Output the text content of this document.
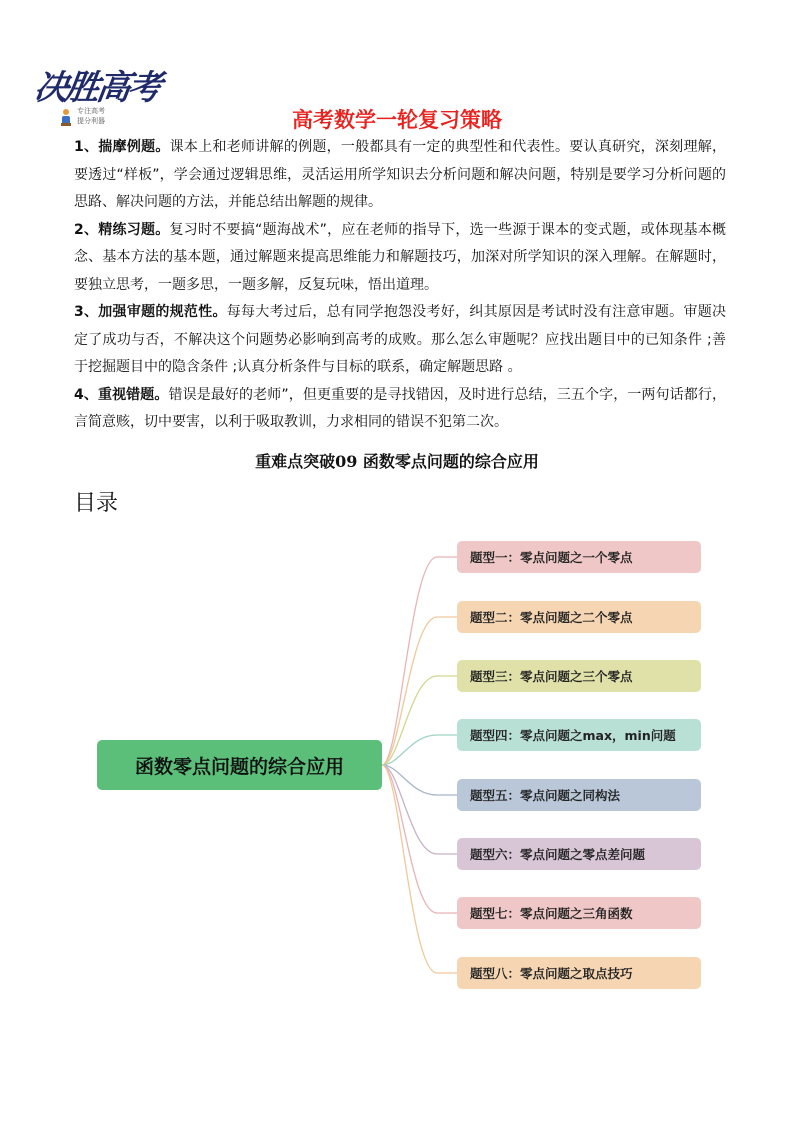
决胜高考
专注高考
提分利器	高考数学一轮复习策略

1、揣摩例题。课本上和老师讲解的例题，一般都具有一定的典型性和代表性。要认真研究，深刻理解，要透过“样板”，学会通过逻辑思维，灵活运用所学知识去分析问题和解决问题，特别是要学习分析问题的思路、解决问题的方法，并能总结出解题的规律。

2、精练习题。复习时不要搞“题海战术”，应在老师的指导下，选一些源于课本的变式题，或体现基本概念、基本方法的基本题，通过解题来提高思维能力和解题技巧，加深对所学知识的深入理解。在解题时，要独立思考，一题多思，一题多解，反复玩味，悟出道理。

3、加强审题的规范性。每每大考过后，总有同学抱怨没考好，纠其原因是考试时没有注意审题。审题决定了成功与否，不解决这个问题势必影响到高考的成败。那么怎么审题呢？应找出题目中的已知条件 ;善于挖掘题目中的隐含条件 ;认真分析条件与目标的联系，确定解题思路 。

4、重视错题。错误是最好的老师”，但更重要的是寻找错因，及时进行总结，三五个字，一两句话都行，言简意赅，切中要害，以利于吸取教训，力求相同的错误不犯第二次。

重难点突破09 函数零点问题的综合应用
目录
函数零点问题的综合应用
题型一：零点问题之一个零点
题型二：零点问题之二个零点
题型三：零点问题之三个零点
题型四：零点问题之max，min问题
题型五：零点问题之同构法
题型六：零点问题之零点差问题
题型七：零点问题之三角函数
题型八：零点问题之取点技巧
